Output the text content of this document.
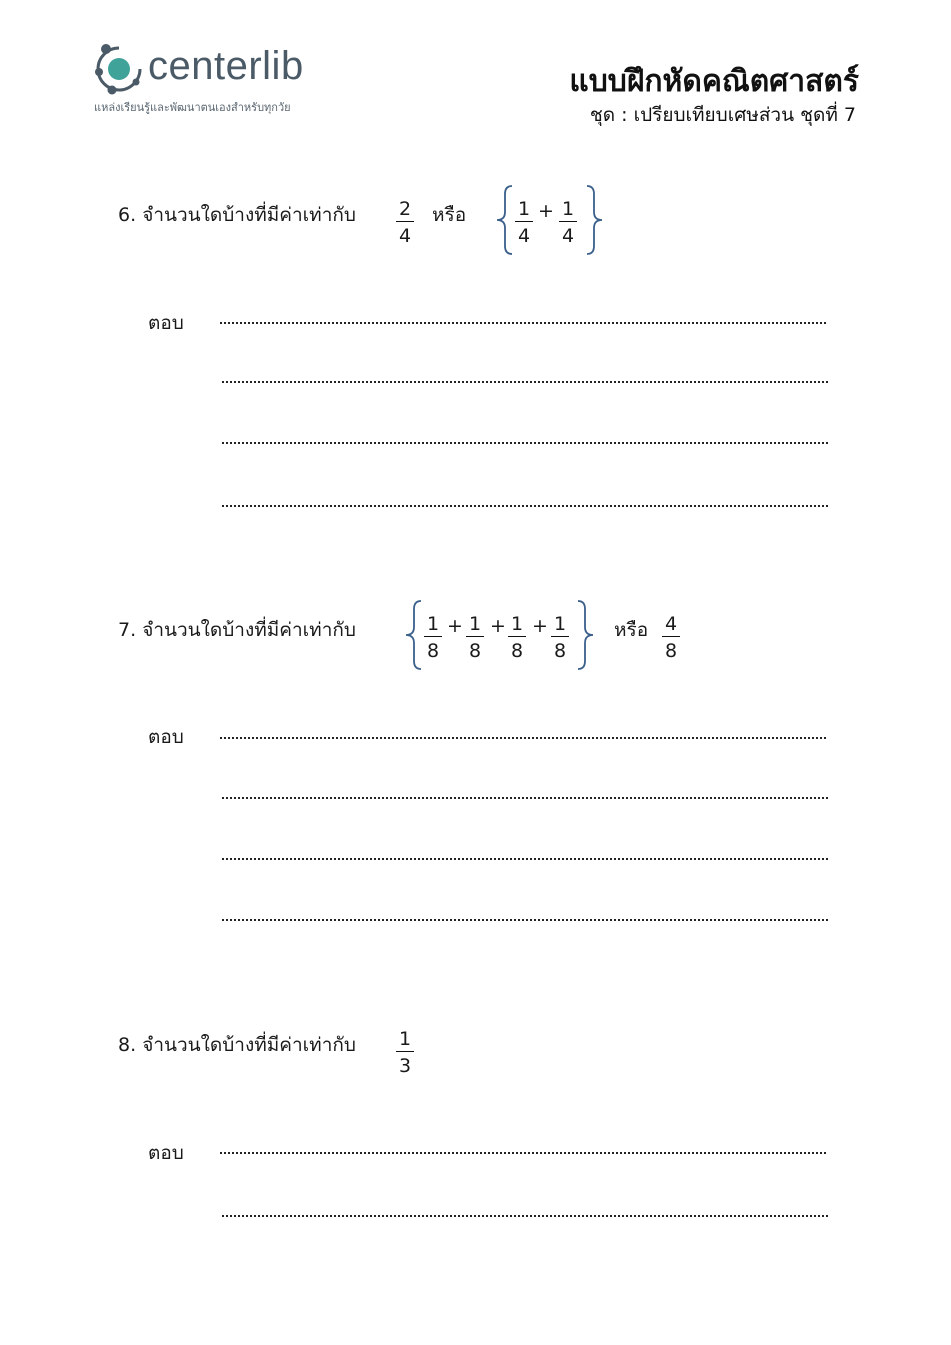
centerlib
แหล่งเรียนรู้และพัฒนาตนเองสำหรับทุกวัย
แบบฝึกหัดคณิตศาสตร์
ชุด : เปรียบเทียบเศษส่วน ชุดที่ 7
6. จำนวนใดบ้างที่มีค่าเท่ากับ $\frac{2}{4}$ หรือ	$\frac{1}{4} + \frac{1}{4}$
ตอบ
7. จำนวนใดบ้างที่มีค่าเท่ากับ	$\frac{1}{8} + \frac{1}{8} + \frac{1}{8} + \frac{1}{8}$ หรือ $\frac{4}{8}$
ตอบ
8. จำนวนใดบ้างที่มีค่าเท่ากับ $\frac{1}{3}$
ตอบ
